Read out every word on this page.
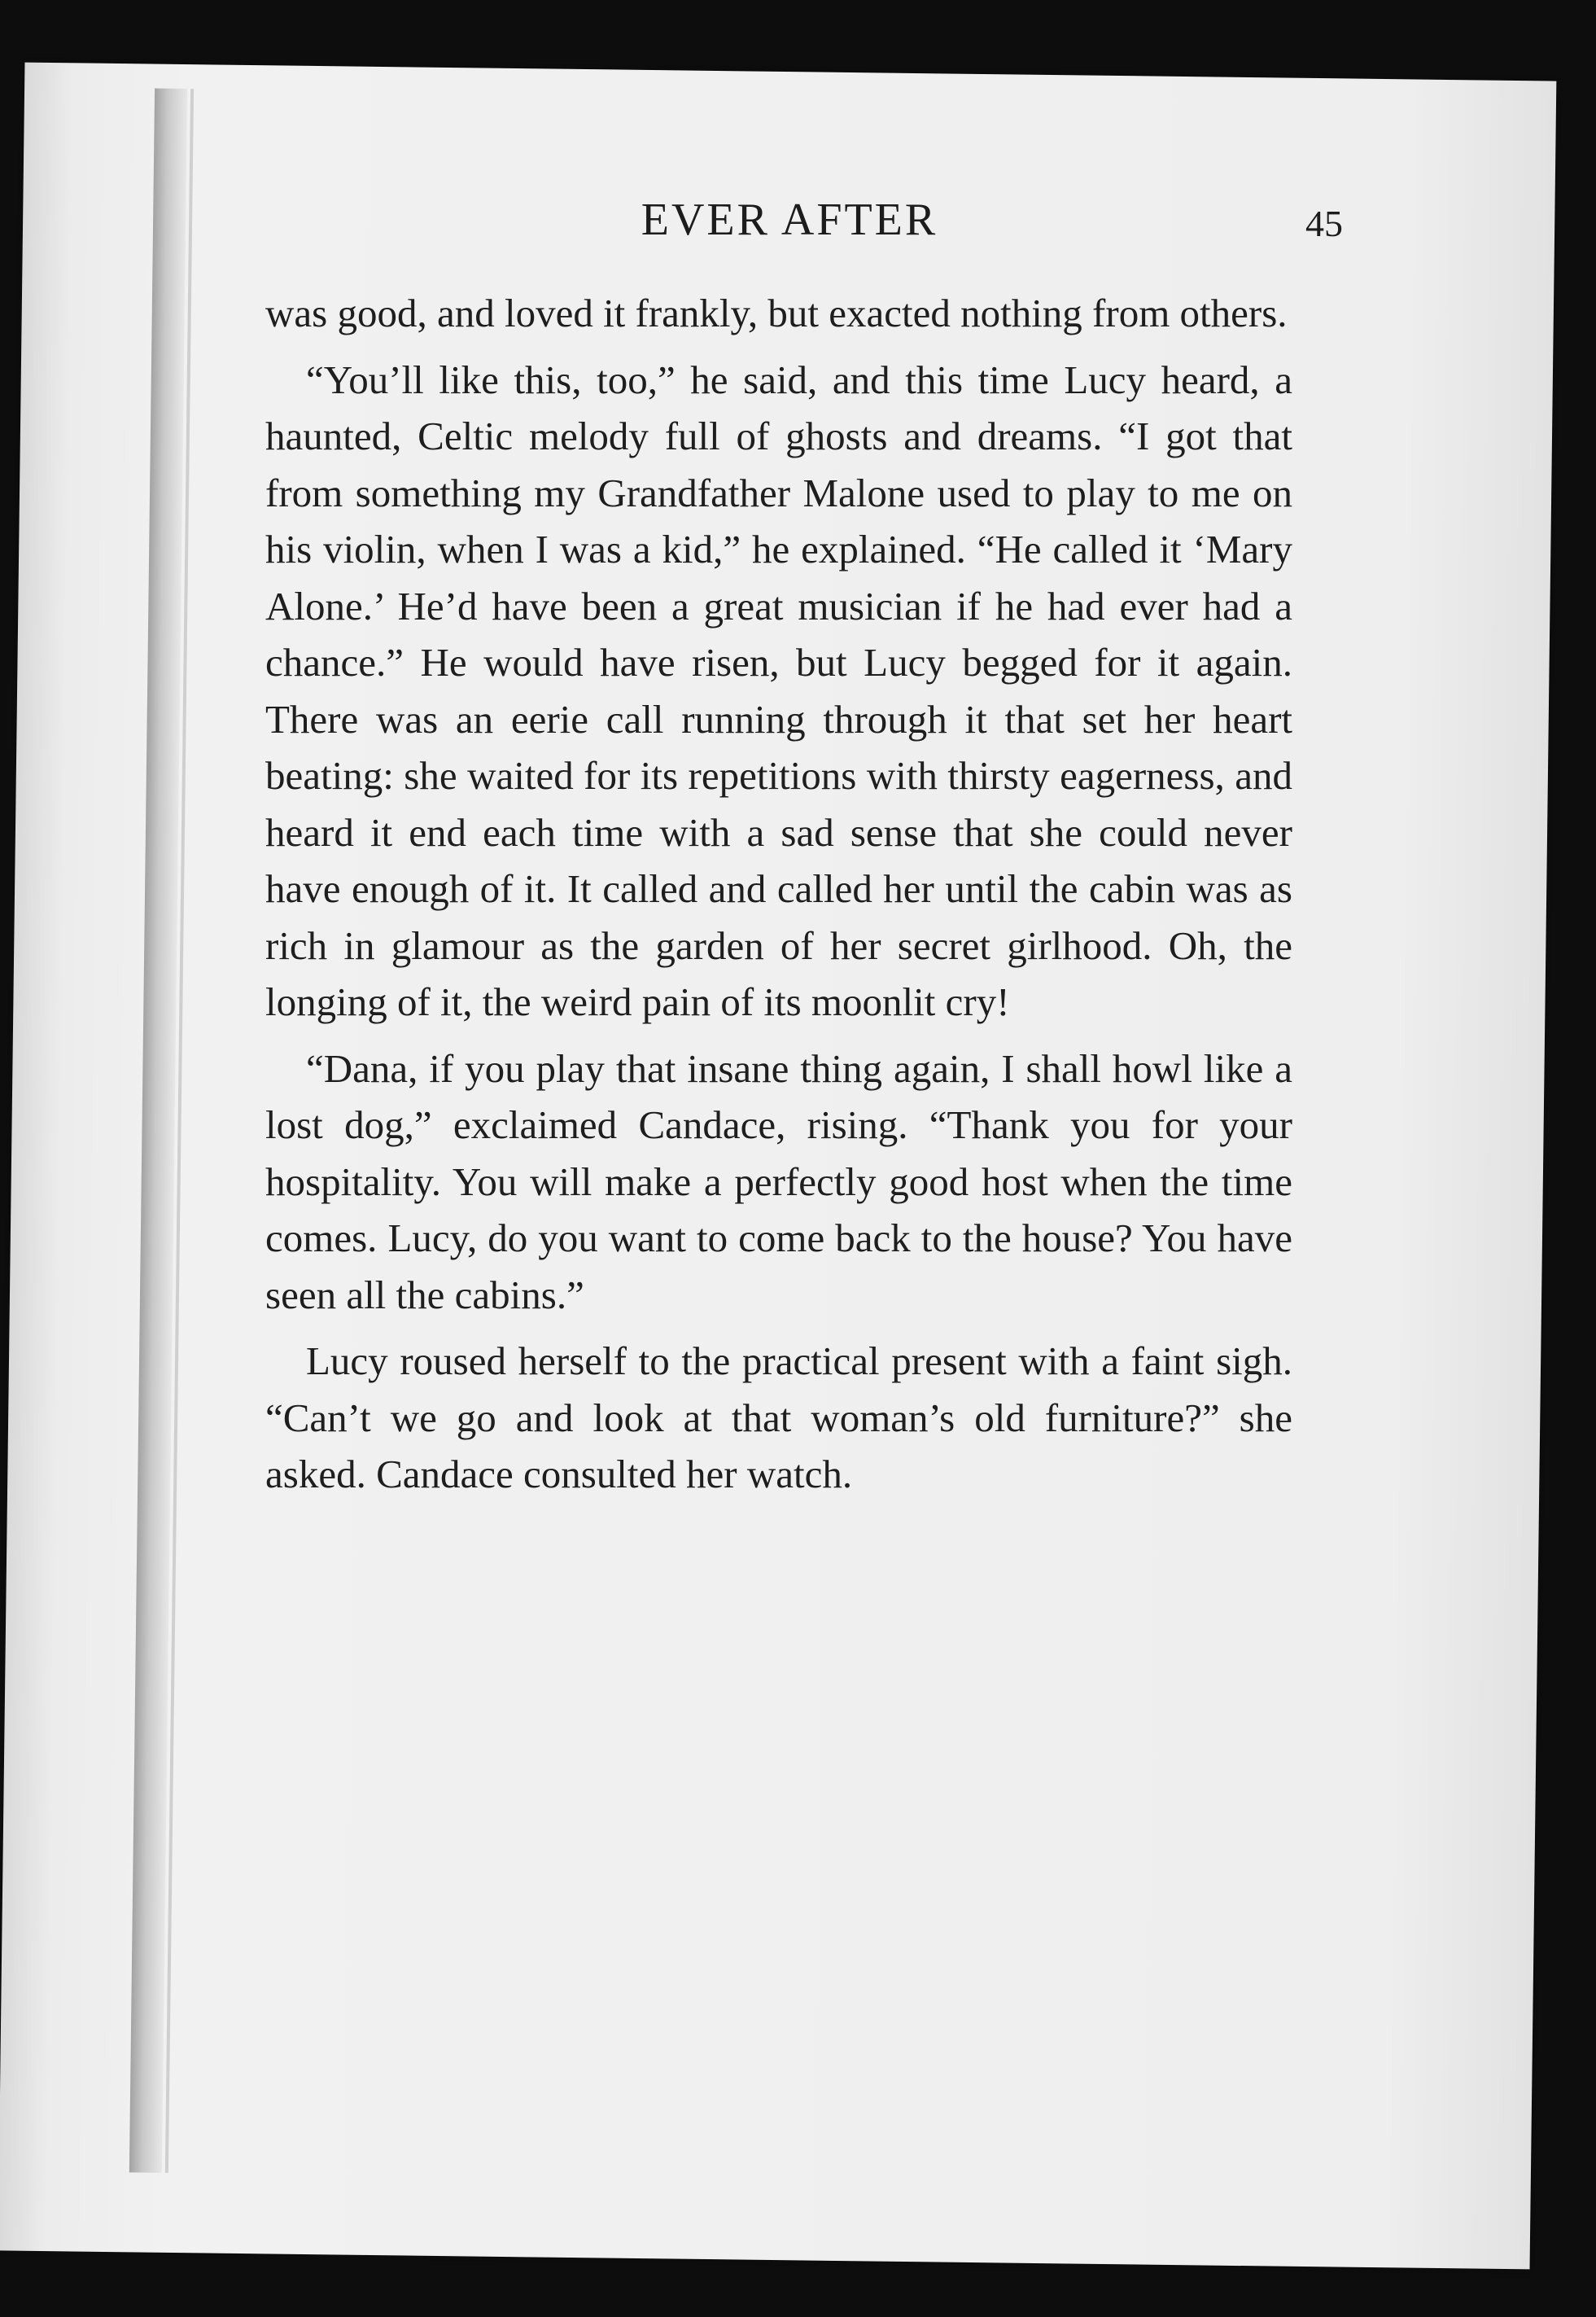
EVER AFTER	45

was good, and loved it frankly, but exacted nothing from others.

“You’ll like this, too,” he said, and this time Lucy heard, a haunted, Celtic melody full of ghosts and dreams. “I got that from something my Grandfather Malone used to play to me on his violin, when I was a kid,” he explained. “He called it ‘Mary Alone.’ He’d have been a great musician if he had ever had a chance.” He would have risen, but Lucy begged for it again. There was an eerie call running through it that set her heart beating: she waited for its repetitions with thirsty eagerness, and heard it end each time with a sad sense that she could never have enough of it. It called and called her until the cabin was as rich in glamour as the garden of her secret girlhood. Oh, the longing of it, the weird pain of its moonlit cry!

“Dana, if you play that insane thing again, I shall howl like a lost dog,” exclaimed Candace, rising. “Thank you for your hospitality. You will make a perfectly good host when the time comes. Lucy, do you want to come back to the house? You have seen all the cabins.”

Lucy roused herself to the practical present with a faint sigh. “Can’t we go and look at that woman’s old furniture?” she asked. Candace consulted her watch.
